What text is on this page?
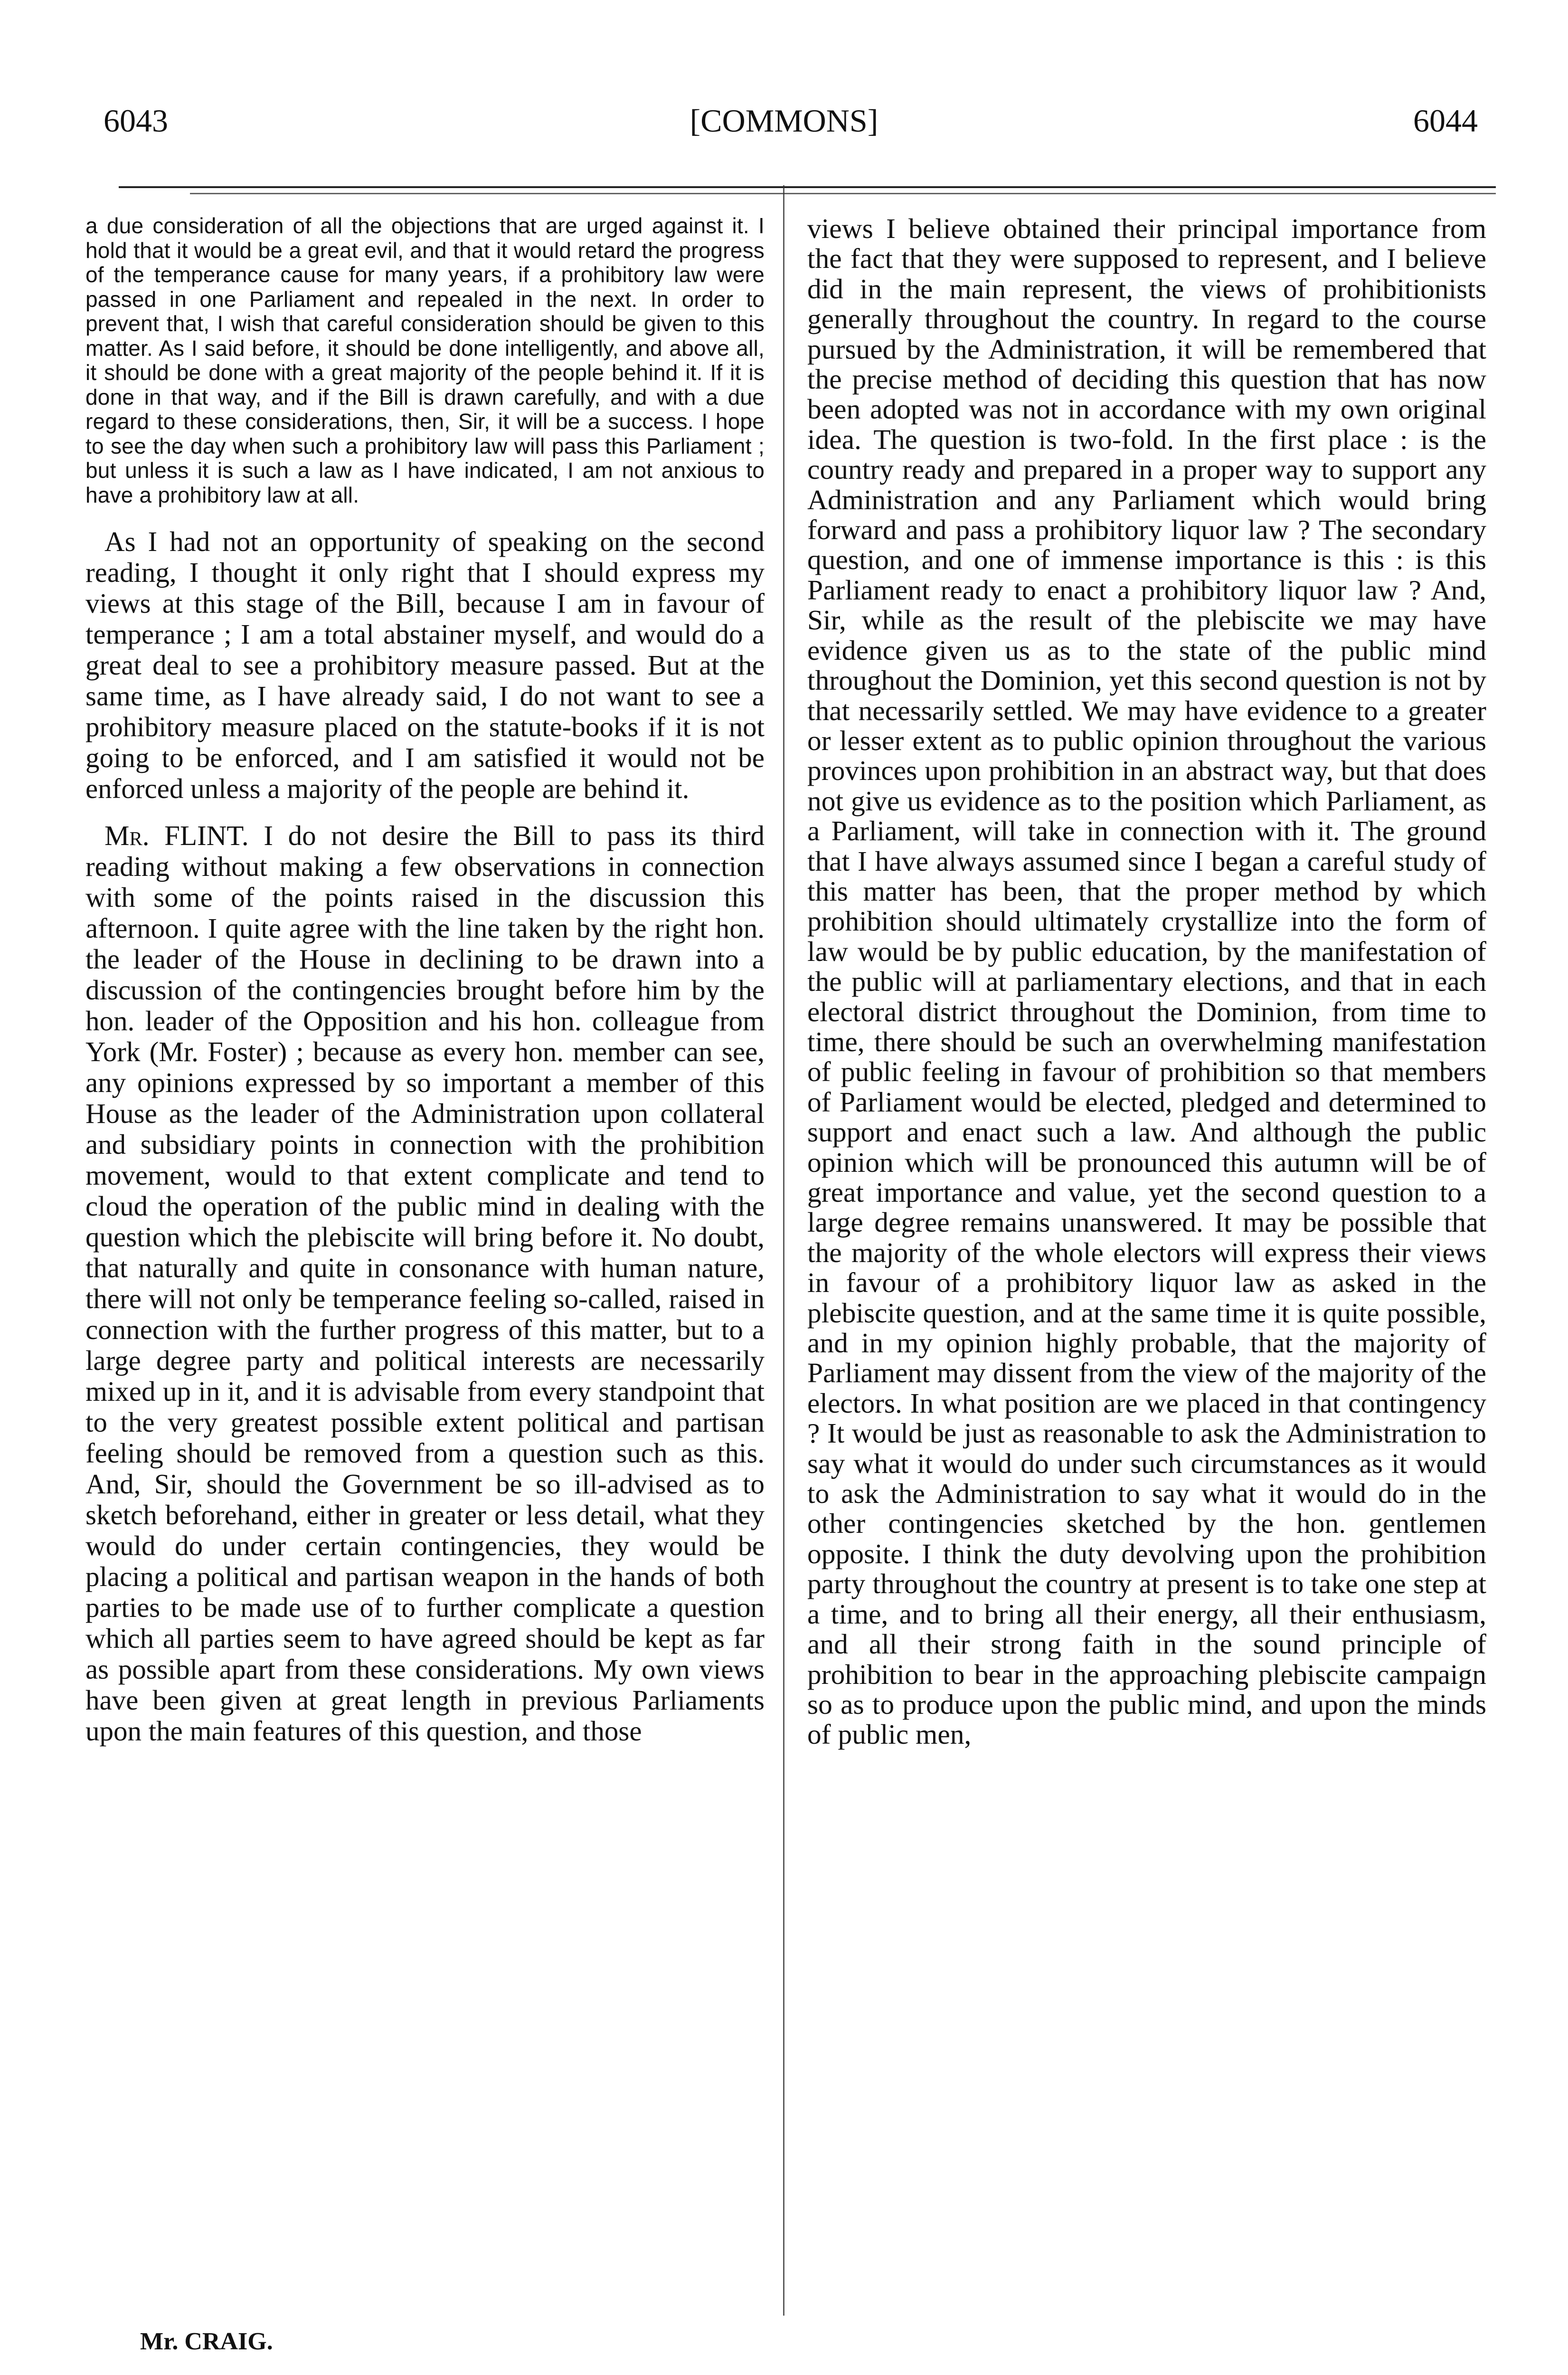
6043	[COMMONS]	6044

a due consideration of all the objections that are urged against it. I hold that it would be a great evil, and that it would retard the progress of the temperance cause for many years, if a prohibitory law were passed in one Parliament and repealed in the next. In order to prevent that, I wish that careful consideration should be given to this matter. As I said before, it should be done intelligently, and above all, it should be done with a great majority of the people behind it. If it is done in that way, and if the Bill is drawn carefully, and with a due regard to these considerations, then, Sir, it will be a success. I hope to see the day when such a prohibitory law will pass this Parliament ; but unless it is such a law as I have indicated, I am not anxious to have a prohibitory law at all.

As I had not an opportunity of speaking on the second reading, I thought it only right that I should express my views at this stage of the Bill, because I am in favour of temperance ; I am a total abstainer myself, and would do a great deal to see a prohibitory measure passed. But at the same time, as I have already said, I do not want to see a prohibitory measure placed on the statute-books if it is not going to be enforced, and I am satisfied it would not be enforced unless a majority of the people are behind it.

Mr. FLINT. I do not desire the Bill to pass its third reading without making a few observations in connection with some of the points raised in the discussion this afternoon. I quite agree with the line taken by the right hon. the leader of the House in declining to be drawn into a discussion of the contingencies brought before him by the hon. leader of the Opposition and his hon. colleague from York (Mr. Foster) ; because as every hon. member can see, any opinions expressed by so important a member of this House as the leader of the Administration upon collateral and subsidiary points in connection with the prohibition movement, would to that extent complicate and tend to cloud the operation of the public mind in dealing with the question which the plebiscite will bring before it. No doubt, that naturally and quite in consonance with human nature, there will not only be temperance feeling so-called, raised in connection with the further progress of this matter, but to a large degree party and political interests are necessarily mixed up in it, and it is advisable from every standpoint that to the very greatest possible extent political and partisan feeling should be removed from a question such as this. And, Sir, should the Government be so ill-advised as to sketch beforehand, either in greater or less detail, what they would do under certain contingencies, they would be placing a political and partisan weapon in the hands of both parties to be made use of to further complicate a question which all parties seem to have agreed should be kept as far as possible apart from these considerations. My own views have been given at great length in previous Parliaments upon the main features of this question, and those

views I believe obtained their principal importance from the fact that they were supposed to represent, and I believe did in the main represent, the views of prohibitionists generally throughout the country. In regard to the course pursued by the Administration, it will be remembered that the precise method of deciding this question that has now been adopted was not in accordance with my own original idea. The question is two-fold. In the first place : is the country ready and prepared in a proper way to support any Administration and any Parliament which would bring forward and pass a prohibitory liquor law ? The secondary question, and one of immense importance is this : is this Parliament ready to enact a prohibitory liquor law ? And, Sir, while as the result of the plebiscite we may have evidence given us as to the state of the public mind throughout the Dominion, yet this second question is not by that necessarily settled. We may have evidence to a greater or lesser extent as to public opinion throughout the various provinces upon prohibition in an abstract way, but that does not give us evidence as to the position which Parliament, as a Parliament, will take in connection with it. The ground that I have always assumed since I began a careful study of this matter has been, that the proper method by which prohibition should ultimately crystallize into the form of law would be by public education, by the manifestation of the public will at parliamentary elections, and that in each electoral district throughout the Dominion, from time to time, there should be such an overwhelming manifestation of public feeling in favour of prohibition so that members of Parliament would be elected, pledged and determined to support and enact such a law. And although the public opinion which will be pronounced this autumn will be of great importance and value, yet the second question to a large degree remains unanswered. It may be possible that the majority of the whole electors will express their views in favour of a prohibitory liquor law as asked in the plebiscite question, and at the same time it is quite possible, and in my opinion highly probable, that the majority of Parliament may dissent from the view of the majority of the electors. In what position are we placed in that contingency ? It would be just as reasonable to ask the Administration to say what it would do under such circumstances as it would to ask the Administration to say what it would do in the other contingencies sketched by the hon. gentlemen opposite. I think the duty devolving upon the prohibition party throughout the country at present is to take one step at a time, and to bring all their energy, all their enthusiasm, and all their strong faith in the sound principle of prohibition to bear in the approaching plebiscite campaign so as to produce upon the public mind, and upon the minds of public men,

Mr. CRAIG.
